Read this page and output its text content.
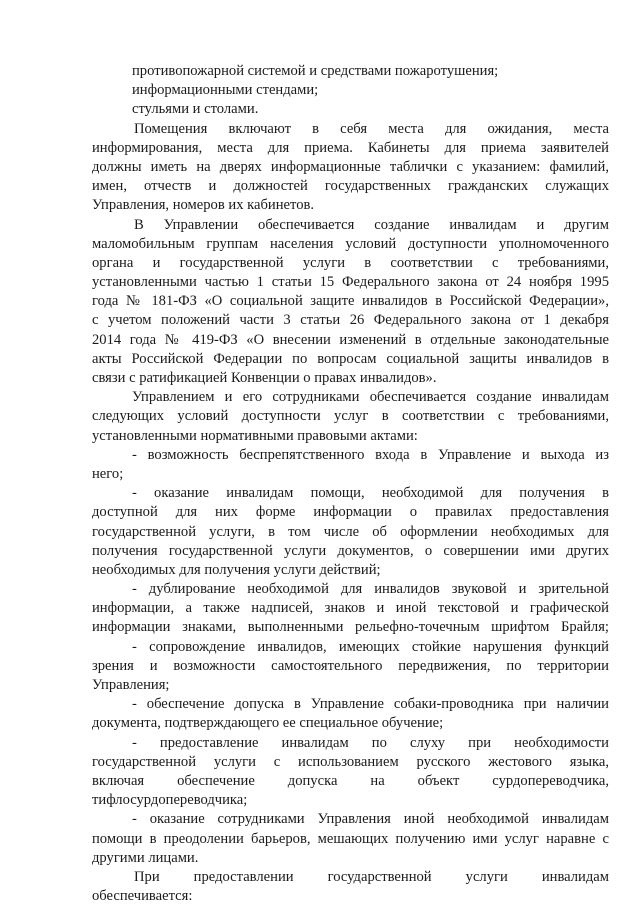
противопожарной системой и средствами пожаротушения;
информационными стендами;
стульями и столами.
Помещения включают в себя места для ожидания, места
информирования, места для приема. Кабинеты для приема заявителей
должны иметь на дверях информационные таблички с указанием: фамилий,
имен, отчеств и должностей государственных гражданских служащих
Управления, номеров их кабинетов.
В Управлении обеспечивается создание инвалидам и другим
маломобильным группам населения условий доступности уполномоченного
органа и государственной услуги в соответствии с требованиями,
установленными частью 1 статьи 15 Федерального закона от 24 ноября 1995
года № 181-ФЗ «О социальной защите инвалидов в Российской Федерации»,
с учетом положений части 3 статьи 26 Федерального закона от 1 декабря
2014 года № 419-ФЗ «О внесении изменений в отдельные законодательные
акты Российской Федерации по вопросам социальной защиты инвалидов в
связи с ратификацией Конвенции о правах инвалидов».
Управлением и его сотрудниками обеспечивается создание инвалидам
следующих условий доступности услуг в соответствии с требованиями,
установленными нормативными правовыми актами:
- возможность беспрепятственного входа в Управление и выхода из
него;
- оказание инвалидам помощи, необходимой для получения в
доступной для них форме информации о правилах предоставления
государственной услуги, в том числе об оформлении необходимых для
получения государственной услуги документов, о совершении ими других
необходимых для получения услуги действий;
- дублирование необходимой для инвалидов звуковой и зрительной
информации, а также надписей, знаков и иной текстовой и графической
информации знаками, выполненными рельефно-точечным шрифтом Брайля;
- сопровождение инвалидов, имеющих стойкие нарушения функций
зрения и возможности самостоятельного передвижения, по территории
Управления;
- обеспечение допуска в Управление собаки-проводника при наличии
документа, подтверждающего ее специальное обучение;
- предоставление инвалидам по слуху при необходимости
государственной услуги с использованием русского жестового языка,
включая обеспечение допуска на объект сурдопереводчика,
тифлосурдопереводчика;
- оказание сотрудниками Управления иной необходимой инвалидам
помощи в преодолении барьеров, мешающих получению ими услуг наравне с
другими лицами.
При предоставлении государственной услуги инвалидам
обеспечивается:
